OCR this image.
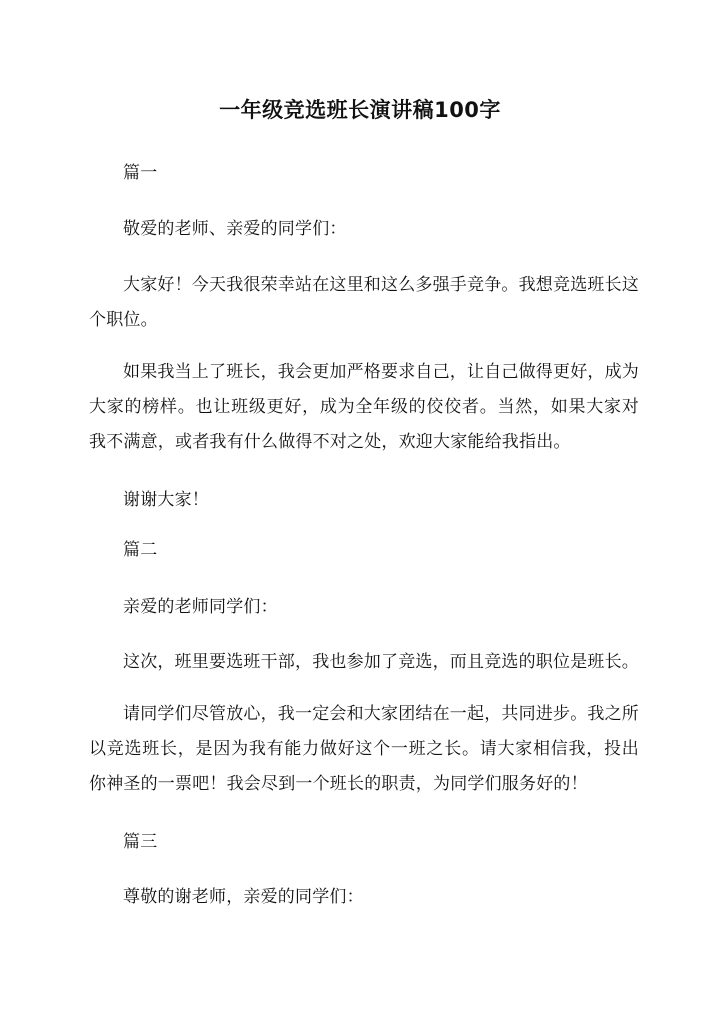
一年级竞选班长演讲稿100字

篇一

敬爱的老师、亲爱的同学们：

大家好！今天我很荣幸站在这里和这么多强手竞争。我想竞选班长这个职位。

如果我当上了班长，我会更加严格要求自己，让自己做得更好，成为大家的榜样。也让班级更好，成为全年级的佼佼者。当然，如果大家对我不满意，或者我有什么做得不对之处，欢迎大家能给我指出。

谢谢大家！

篇二

亲爱的老师同学们：

这次，班里要选班干部，我也参加了竞选，而且竞选的职位是班长。

请同学们尽管放心，我一定会和大家团结在一起，共同进步。我之所以竞选班长，是因为我有能力做好这个一班之长。请大家相信我，投出你神圣的一票吧！我会尽到一个班长的职责，为同学们服务好的！

篇三

尊敬的谢老师，亲爱的同学们：
